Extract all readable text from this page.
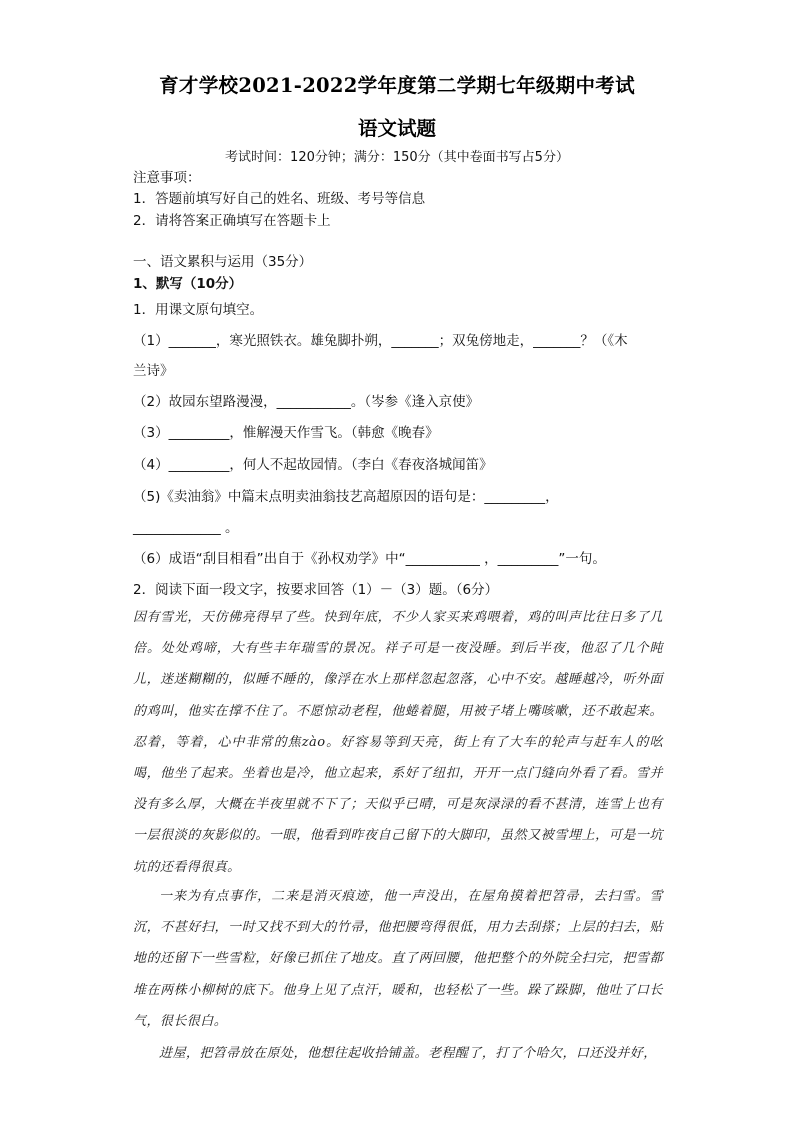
育才学校2021-2022学年度第二学期七年级期中考试
语文试题
考试时间：120分钟；满分：150分（其中卷面书写占5分）
注意事项：
1．答题前填写好自己的姓名、班级、考号等信息
2．请将答案正确填写在答题卡上
一、语文累积与运用（35分）
1、默写（10分）
1．用课文原句填空。
（1）_______，寒光照铁衣。雄兔脚扑朔，_______；双兔傍地走，_______？（《木
兰诗》
（2）故园东望路漫漫，___________。（岑参《逢入京使》
（3）_________，惟解漫天作雪飞。（韩愈《晚春》
（4）_________，何人不起故园情。（李白《春夜洛城闻笛》
（5)《卖油翁》中篇末点明卖油翁技艺高超原因的语句是：_________，
_____________ 。
（6）成语“刮目相看”出自于《孙权劝学》中“___________ ，_________”一句。
2．阅读下面一段文字，按要求回答（1）－（3）题。（6分）

因有雪光，天仿佛亮得早了些。快到年底，不少人家买来鸡喂着，鸡的叫声比往日多了几倍。处处鸡啼，大有些丰年瑞雪的景况。祥子可是一夜没睡。到后半夜，他忍了几个盹儿，迷迷糊糊的，似睡不睡的，像浮在水上那样忽起忽落，心中不安。越睡越冷，听外面的鸡叫，他实在撑不住了。不愿惊动老程，他蜷着腿，用被子堵上嘴咳嗽，还不敢起来。忍着，等着，心中非常的焦zào。好容易等到天亮，街上有了大车的轮声与赶车人的吆喝，他坐了起来。坐着也是冷，他立起来，系好了纽扣，开开一点门缝向外看了看。雪并没有多么厚，大概在半夜里就不下了；天似乎已晴，可是灰渌渌的看不甚清，连雪上也有一层很淡的灰影似的。一眼，他看到昨夜自己留下的大脚印，虽然又被雪埋上，可是一坑坑的还看得很真。

一来为有点事作，二来是消灭痕迹，他一声没出，在屋角摸着把笤帚，去扫雪。雪沉，不甚好扫，一时又找不到大的竹帚，他把腰弯得很低，用力去刮搽；上层的扫去，贴地的还留下一些雪粒，好像已抓住了地皮。直了两回腰，他把整个的外院全扫完，把雪都堆在两株小柳树的底下。他身上见了点汗，暖和，也轻松了一些。跺了跺脚，他吐了口长气，很长很白。

进屋，把笤帚放在原处，他想往起收拾铺盖。老程醒了，打了个哈欠，口还没并好，
